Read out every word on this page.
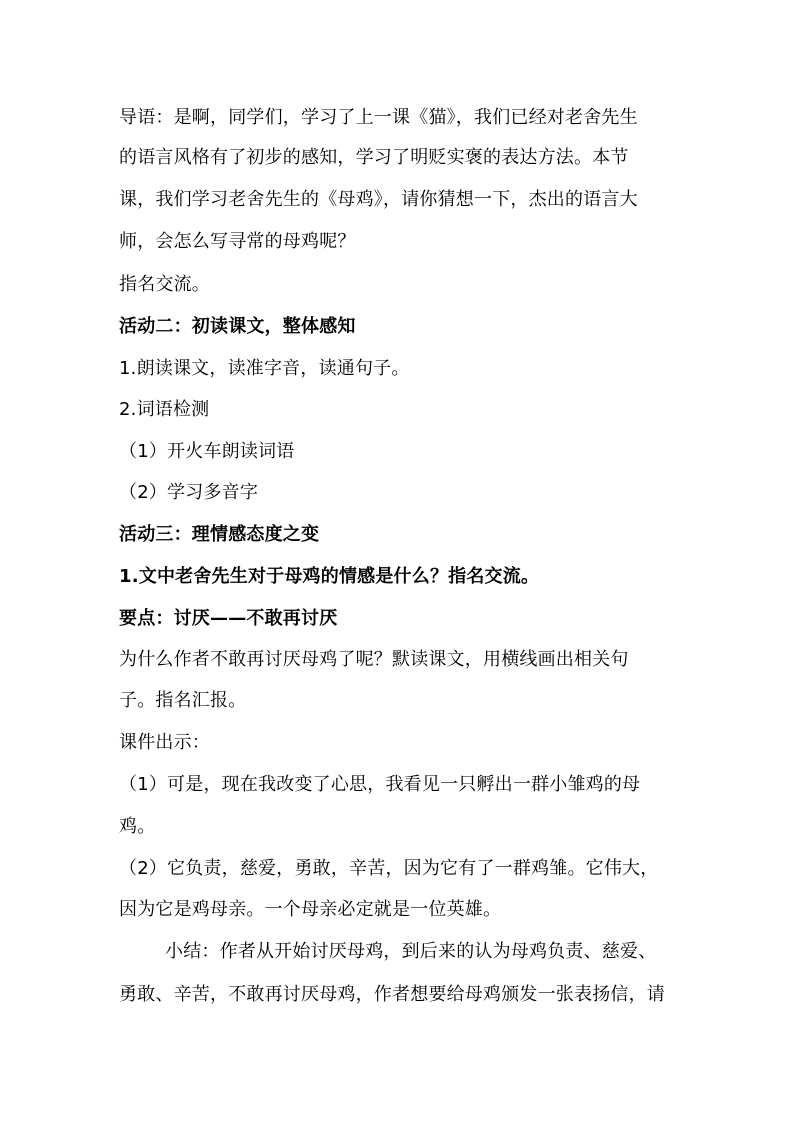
导语：是啊，同学们，学习了上一课《猫》，我们已经对老舍先生
的语言风格有了初步的感知，学习了明贬实褒的表达方法。本节
课，我们学习老舍先生的《母鸡》，请你猜想一下，杰出的语言大
师，会怎么写寻常的母鸡呢？
指名交流。
活动二：初读课文，整体感知
1.朗读课文，读准字音，读通句子。
2.词语检测
（1）开火车朗读词语
（2）学习多音字
活动三：理情感态度之变
1.文中老舍先生对于母鸡的情感是什么？指名交流。
要点：讨厌——不敢再讨厌
为什么作者不敢再讨厌母鸡了呢？默读课文，用横线画出相关句
子。指名汇报。
课件出示：
（1）可是，现在我改变了心思，我看见一只孵出一群小雏鸡的母
鸡。
（2）它负责，慈爱，勇敢，辛苦，因为它有了一群鸡雏。它伟大，
因为它是鸡母亲。一个母亲必定就是一位英雄。
小结：作者从开始讨厌母鸡，到后来的认为母鸡负责、慈爱、
勇敢、辛苦，不敢再讨厌母鸡，作者想要给母鸡颁发一张表扬信，请
